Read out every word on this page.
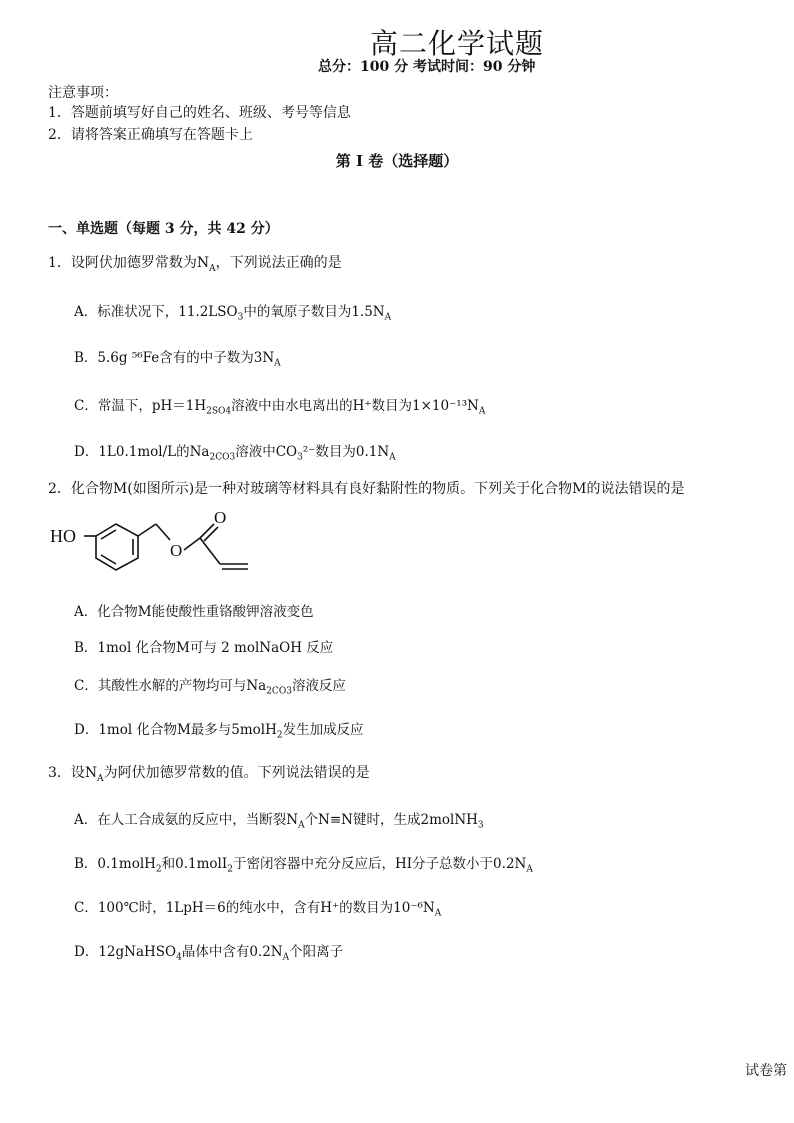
高二化学试题
总分：100 分 考试时间：90 分钟
注意事项：
1．答题前填写好自己的姓名、班级、考号等信息
2．请将答案正确填写在答题卡上
第 I 卷（选择题）
一、单选题（每题 3 分，共 42 分）
1．设阿伏加德罗常数为$N_A$，下列说法正确的是
A．标准状况下，$11.2LSO_3$中的氧原子数目为$1.5N_A$
B．5.6g ⁵⁶Fe含有的中子数为$3N_A$
C．常温下，$pH=1H_{2SO4}$溶液中由水电离出的H⁺数目为$1\times 10^{-13}N_A$
D．1L0.1mol/L的$Na_{2CO3}$溶液中$CO_3^{2-}$数目为$0.1N_A$
2．化合物M(如图所示)是一种对玻璃等材料具有良好黏附性的物质。下列关于化合物M的说法错误的是
HO
O
O
A．化合物M能使酸性重铬酸钾溶液变色
B．1mol 化合物M可与 2 molNaOH 反应
C．其酸性水解的产物均可与$Na_{2CO3}$溶液反应
D．1mol 化合物M最多与5molH$_2$发生加成反应
3．设$N_A$为阿伏加德罗常数的值。下列说法错误的是
A．在人工合成氨的反应中，当断裂$N_A$个N≡N键时，生成2molNH$_3$
B．0.1molH$_2$和0.1molI$_2$于密闭容器中充分反应后，HI分子总数小于$0.2N_A$
C．100℃时，1LpH＝6的纯水中，含有H⁺的数目为$10^{-6}N_A$
D．12gNaHSO$_4$晶体中含有$0.2N_A$个阳离子
试卷第
